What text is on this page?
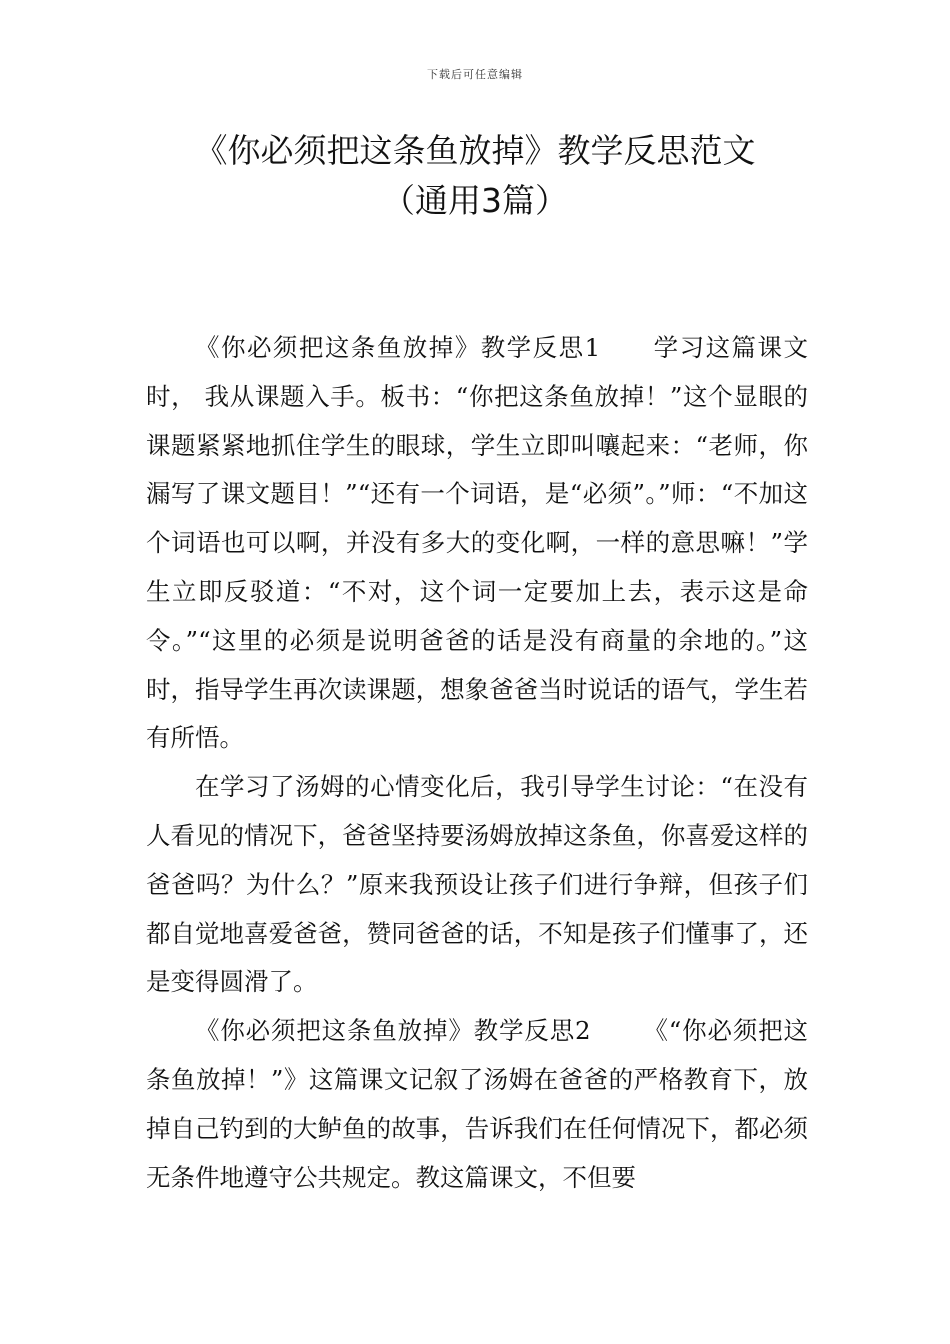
下载后可任意编辑
《你必须把这条鱼放掉》教学反思范文
（通用3篇）

《你必须把这条鱼放掉》教学反思1 学习这篇课文时， 我从课题入手。板书：“你把这条鱼放掉！”这个显眼的课题紧紧地抓住学生的眼球，学生立即叫嚷起来：“老师，你漏写了课文题目！”“还有一个词语，是“必须”。”师：“不加这个词语也可以啊，并没有多大的变化啊，一样的意思嘛！”学生立即反驳道：“不对，这个词一定要加上去，表示这是命令。”“这里的必须是说明爸爸的话是没有商量的余地的。”这时，指导学生再次读课题，想象爸爸当时说话的语气，学生若有所悟。

在学习了汤姆的心情变化后，我引导学生讨论：“在没有人看见的情况下，爸爸坚持要汤姆放掉这条鱼，你喜爱这样的爸爸吗？为什么？”原来我预设让孩子们进行争辩，但孩子们都自觉地喜爱爸爸，赞同爸爸的话，不知是孩子们懂事了，还是变得圆滑了。

《你必须把这条鱼放掉》教学反思2 《“你必须把这条鱼放掉！”》这篇课文记叙了汤姆在爸爸的严格教育下，放掉自己钓到的大鲈鱼的故事，告诉我们在任何情况下，都必须无条件地遵守公共规定。教这篇课文，不但要
